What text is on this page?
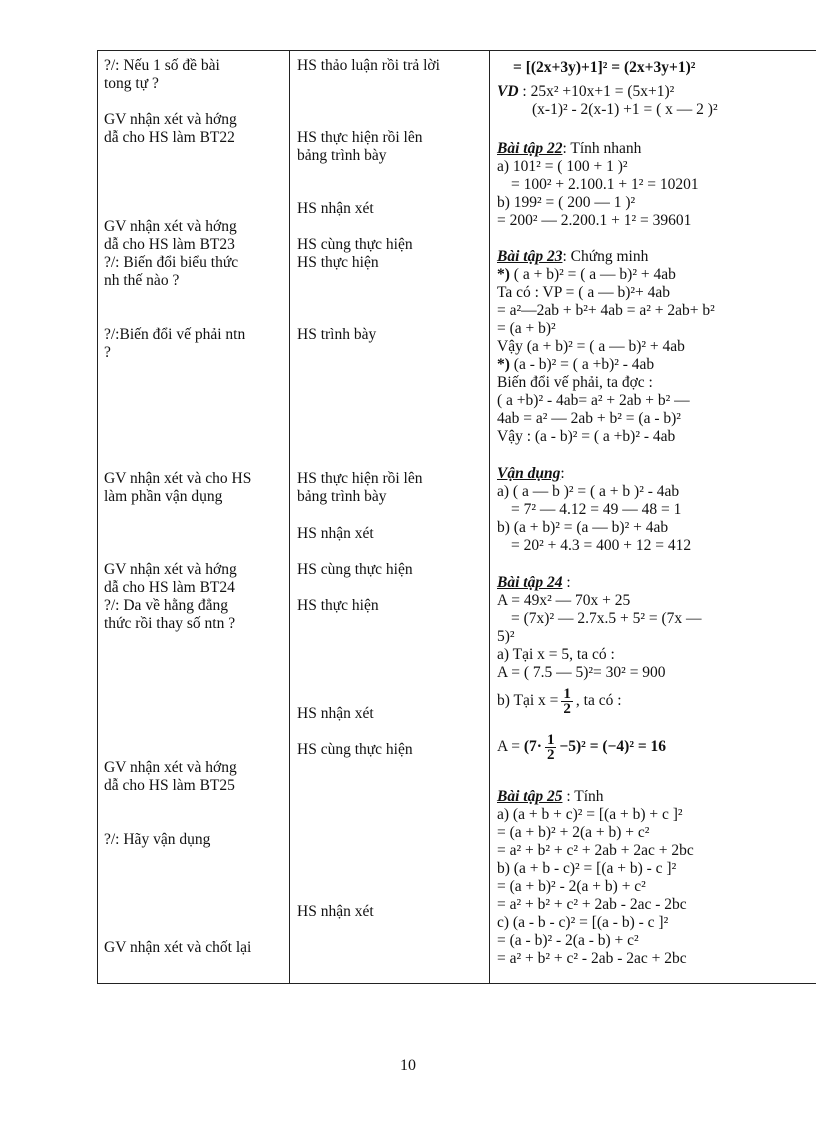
?/: Nếu 1 số đề bài
tong tự ?
GV nhận xét và hớng
dẫ cho HS làm BT22
GV nhận xét và hớng
dẫ cho HS làm BT23
?/: Biến đổi biểu thức
nh thế nào ?
?/:Biến đổi vế phải ntn
?
GV nhận xét và cho HS
làm phần vận dụng
GV nhận xét và hớng
dẫ cho HS làm BT24
?/: Da về hằng đẳng
thức rồi thay số ntn ?
GV nhận xét và hớng
dẫ cho HS làm BT25
?/: Hãy vận dụng
GV nhận xét và chốt lại
HS thảo luận rồi trả lời
HS thực hiện rồi lên
bảng trình bày
HS nhận xét
HS cùng thực hiện
HS thực hiện
HS trình bày
HS thực hiện rồi lên
bảng trình bày
HS nhận xét
HS cùng thực hiện
HS thực hiện
HS nhận xét
HS cùng thực hiện
HS nhận xét
= [(2x+3y)+1]² = (2x+3y+1)²
VD : 25x² +10x+1 = (5x+1)²
(x-1)² - 2(x-1) +1 = ( x — 2 )²
Bài tập 22: Tính nhanh
a) 101² = ( 100 + 1 )²
= 100² + 2.100.1 + 1² = 10201
b) 199² = ( 200 — 1 )²
= 200² — 2.200.1 + 1² = 39601
Bài tập 23: Chứng minh
*) ( a + b)² = ( a — b)² + 4ab
Ta có : VP = ( a — b)²+ 4ab
= a²—2ab + b²+ 4ab = a² + 2ab+ b²
= (a + b)²
Vậy (a + b)² = ( a — b)² + 4ab
*) (a - b)² = ( a +b)² - 4ab
Biến đổi vế phải, ta đợc :
( a +b)² - 4ab= a² + 2ab + b² —
4ab = a² — 2ab + b² = (a - b)²
Vậy : (a - b)² = ( a +b)² - 4ab
Vận dụng:
a) ( a — b )² = ( a + b )² - 4ab
= 7² — 4.12 = 49 — 48 = 1
b) (a + b)² = (a — b)² + 4ab
= 20² + 4.3 = 400 + 12 = 412
Bài tập 24 :
A = 49x² — 70x + 25
= (7x)² — 2.7x.5 + 5² = (7x —
5)²
a) Tại x = 5, ta có :
A = ( 7.5 — 5)²= 30² = 900
b) Tại $x = \frac{1}{2}$ , ta có :
$A = (7\cdot \frac{1}{2} -5)^2 = (-4)^2 = 16$
Bài tập 25 : Tính
a) (a + b + c)² = [(a + b) + c ]²
= (a + b)² + 2(a + b) + c²
= a² + b² + c² + 2ab + 2ac + 2bc
b) (a + b - c)² = [(a + b) - c ]²
= (a + b)² - 2(a + b) + c²
= a² + b² + c² + 2ab - 2ac - 2bc
c) (a - b - c)² = [(a - b) - c ]²
= (a - b)² - 2(a - b) + c²
= a² + b² + c² - 2ab - 2ac + 2bc
10
